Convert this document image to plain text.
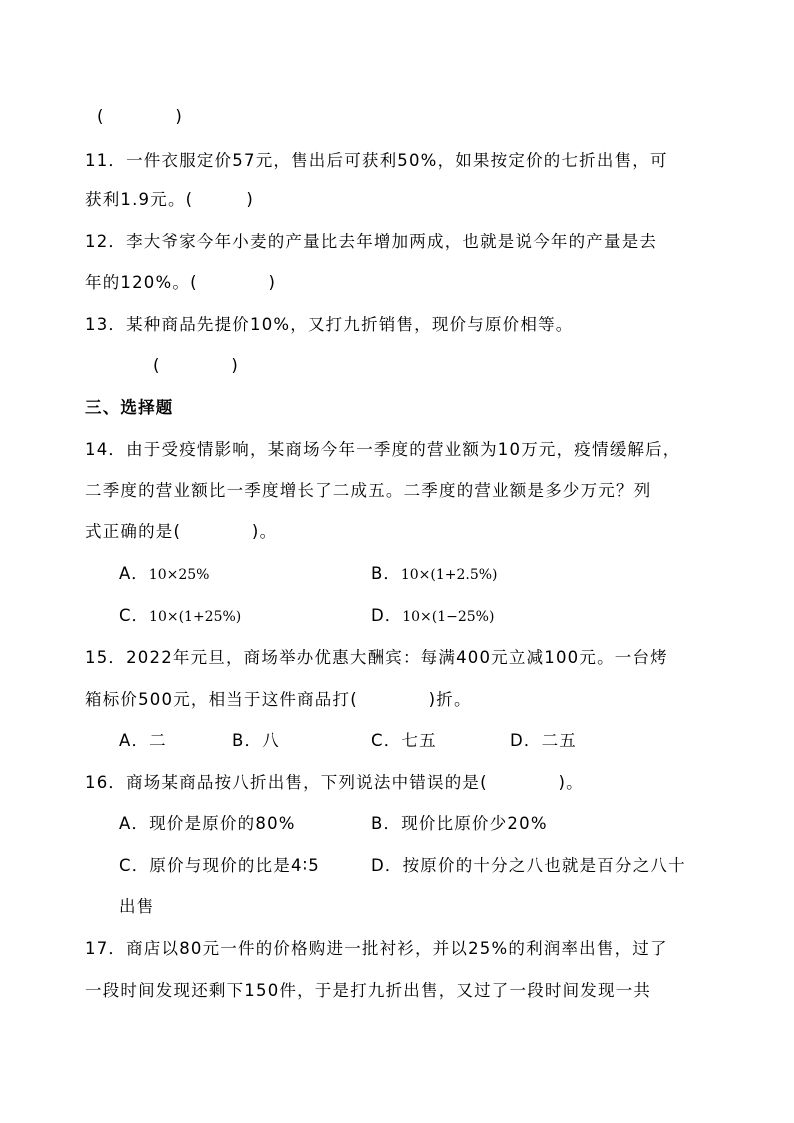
(　　　　)
11．一件衣服定价57元，售出后可获利50%，如果按定价的七折出售，可
获利1.9元。(　　　)
12．李大爷家今年小麦的产量比去年增加两成，也就是说今年的产量是去
年的120%。(　　　　)
13．某种商品先提价10%，又打九折销售，现价与原价相等。
(　　　　)
三、选择题
14．由于受疫情影响，某商场今年一季度的营业额为10万元，疫情缓解后，
二季度的营业额比一季度增长了二成五。二季度的营业额是多少万元？列
式正确的是(　　　　)。
A．10×25%	B．10×(1+2.5%)
C．10×(1+25%)	D．10×(1−25%)
15．2022年元旦，商场举办优惠大酬宾：每满400元立减100元。一台烤
箱标价500元，相当于这件商品打(　　　　)折。
A．二	B．八	C．七五	D．二五
16．商场某商品按八折出售，下列说法中错误的是(　　　　)。
A．现价是原价的80%	B．现价比原价少20%
C．原价与现价的比是4∶5	D．按原价的十分之八也就是百分之八十
出售
17．商店以80元一件的价格购进一批衬衫，并以25%的利润率出售，过了
一段时间发现还剩下150件，于是打九折出售，又过了一段时间发现一共
